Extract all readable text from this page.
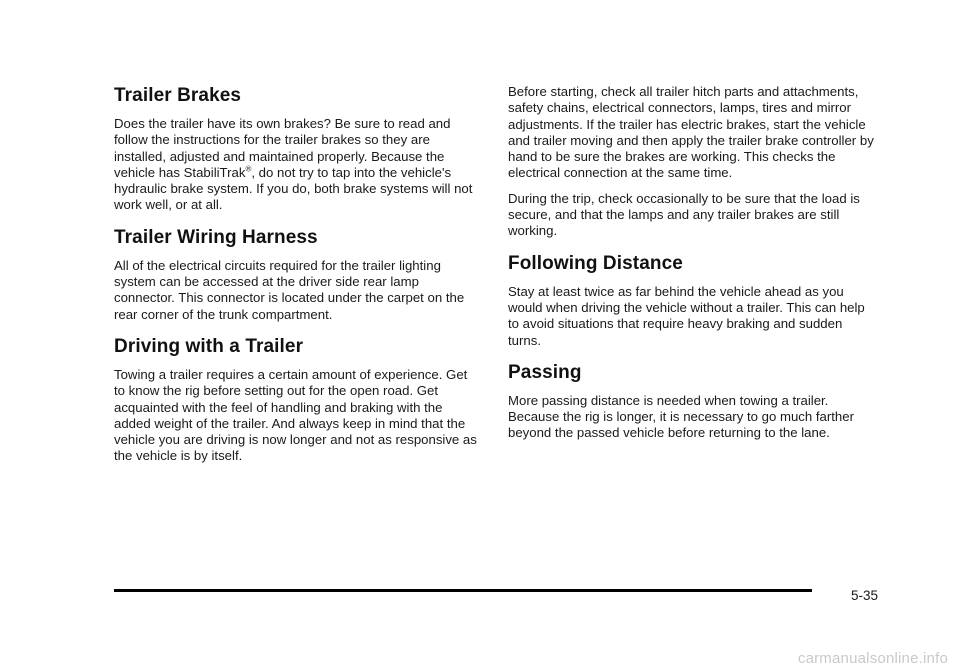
Trailer Brakes

Does the trailer have its own brakes? Be sure to read and follow the instructions for the trailer brakes so they are installed, adjusted and maintained properly. Because the vehicle has StabiliTrak®, do not try to tap into the vehicle's hydraulic brake system. If you do, both brake systems will not work well, or at all.

Trailer Wiring Harness

All of the electrical circuits required for the trailer lighting system can be accessed at the driver side rear lamp connector. This connector is located under the carpet on the rear corner of the trunk compartment.

Driving with a Trailer

Towing a trailer requires a certain amount of experience. Get to know the rig before setting out for the open road. Get acquainted with the feel of handling and braking with the added weight of the trailer. And always keep in mind that the vehicle you are driving is now longer and not as responsive as the vehicle is by itself.

Before starting, check all trailer hitch parts and attachments, safety chains, electrical connectors, lamps, tires and mirror adjustments. If the trailer has electric brakes, start the vehicle and trailer moving and then apply the trailer brake controller by hand to be sure the brakes are working. This checks the electrical connection at the same time.

During the trip, check occasionally to be sure that the load is secure, and that the lamps and any trailer brakes are still working.

Following Distance

Stay at least twice as far behind the vehicle ahead as you would when driving the vehicle without a trailer. This can help to avoid situations that require heavy braking and sudden turns.

Passing

More passing distance is needed when towing a trailer. Because the rig is longer, it is necessary to go much farther beyond the passed vehicle before returning to the lane.

5-35
carmanualsonline.info
